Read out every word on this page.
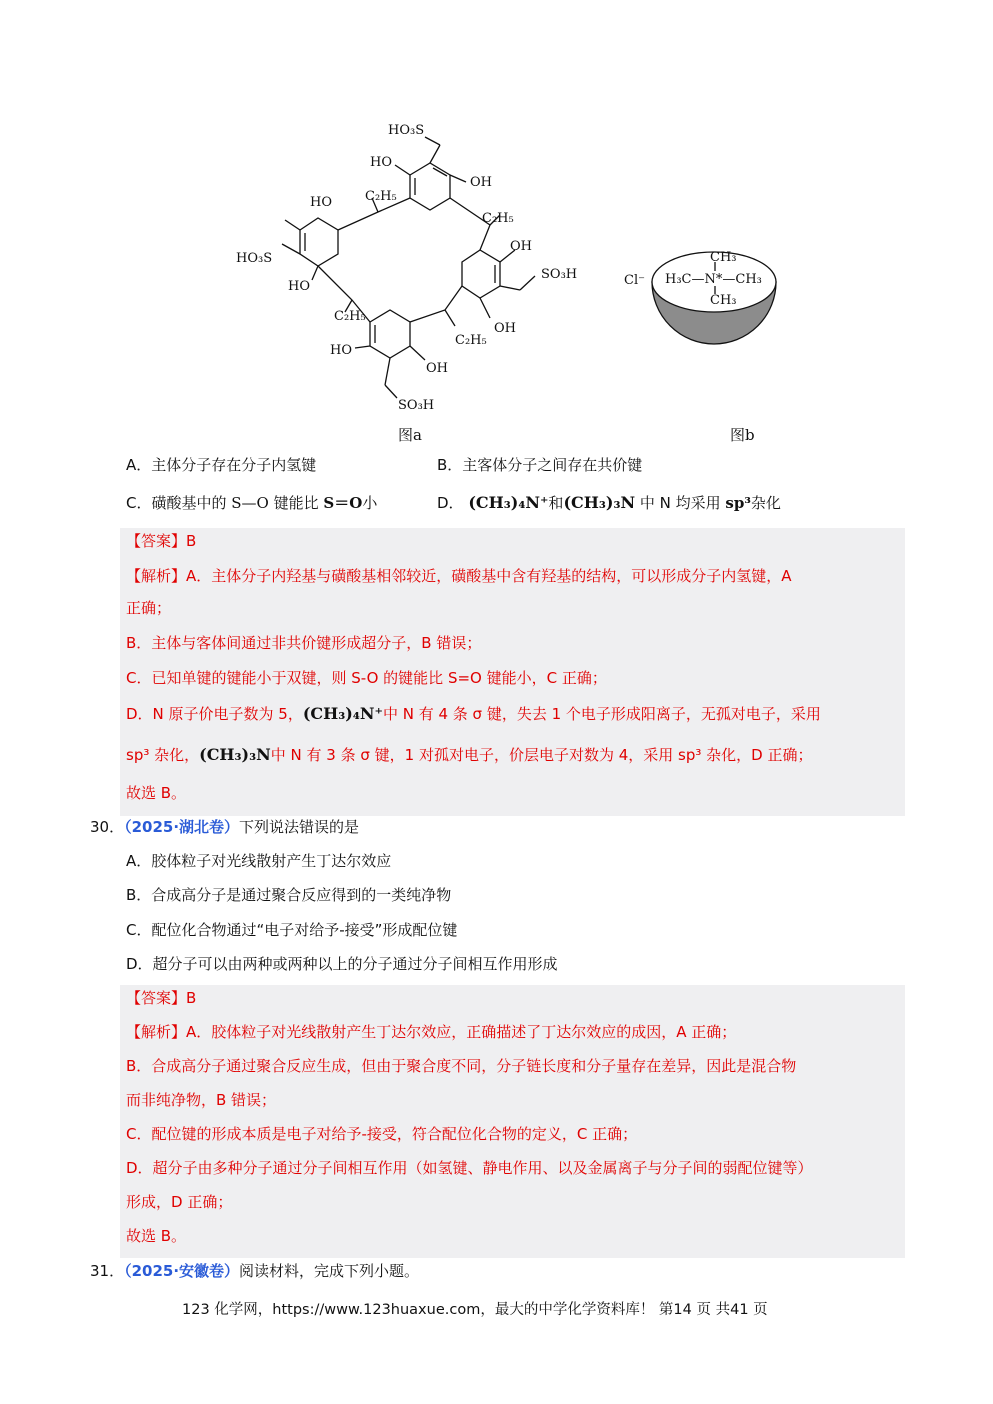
HO₃S
HO
OH
C₂H₅
C₂H₅
HO
HO₃S
OH
SO₃H
HO
OH
C₂H₅
C₂H₅
HO
OH
SO₃H
图a
Cl⁻
CH₃
H₃C—N*—CH₃
CH₃
图b
A．主体分子存在分子内氢键	B．主客体分子之间存在共价键
C．磺酸基中的 S—O 键能比 S＝O小	D． (CH₃)₄N⁺和(CH₃)₃N 中 N 均采用 sp³杂化
【答案】B
【解析】A．主体分子内羟基与磺酸基相邻较近，磺酸基中含有羟基的结构，可以形成分子内氢键，A
正确；
B．主体与客体间通过非共价键形成超分子，B 错误；
C．已知单键的键能小于双键，则 S-O 的键能比 S=O 键能小，C 正确；
D．N 原子价电子数为 5，(CH₃)₄N⁺中 N 有 4 条 σ 键，失去 1 个电子形成阳离子，无孤对电子，采用
sp³ 杂化，(CH₃)₃N中 N 有 3 条 σ 键，1 对孤对电子，价层电子对数为 4，采用 sp³ 杂化，D 正确；
故选 B。
30．（2025·湖北卷）下列说法错误的是
A．胶体粒子对光线散射产生丁达尔效应
B．合成高分子是通过聚合反应得到的一类纯净物
C．配位化合物通过“电子对给予-接受”形成配位键
D．超分子可以由两种或两种以上的分子通过分子间相互作用形成
【答案】B
【解析】A．胶体粒子对光线散射产生丁达尔效应，正确描述了丁达尔效应的成因，A 正确；
B．合成高分子通过聚合反应生成，但由于聚合度不同，分子链长度和分子量存在差异，因此是混合物
而非纯净物，B 错误；
C．配位键的形成本质是电子对给予-接受，符合配位化合物的定义，C 正确；
D．超分子由多种分子通过分子间相互作用（如氢键、静电作用、以及金属离子与分子间的弱配位键等）
形成，D 正确；
故选 B。
31．（2025·安徽卷）阅读材料，完成下列小题。
123 化学网，https://www.123huaxue.com，最大的中学化学资料库！ 第14 页 共41 页
